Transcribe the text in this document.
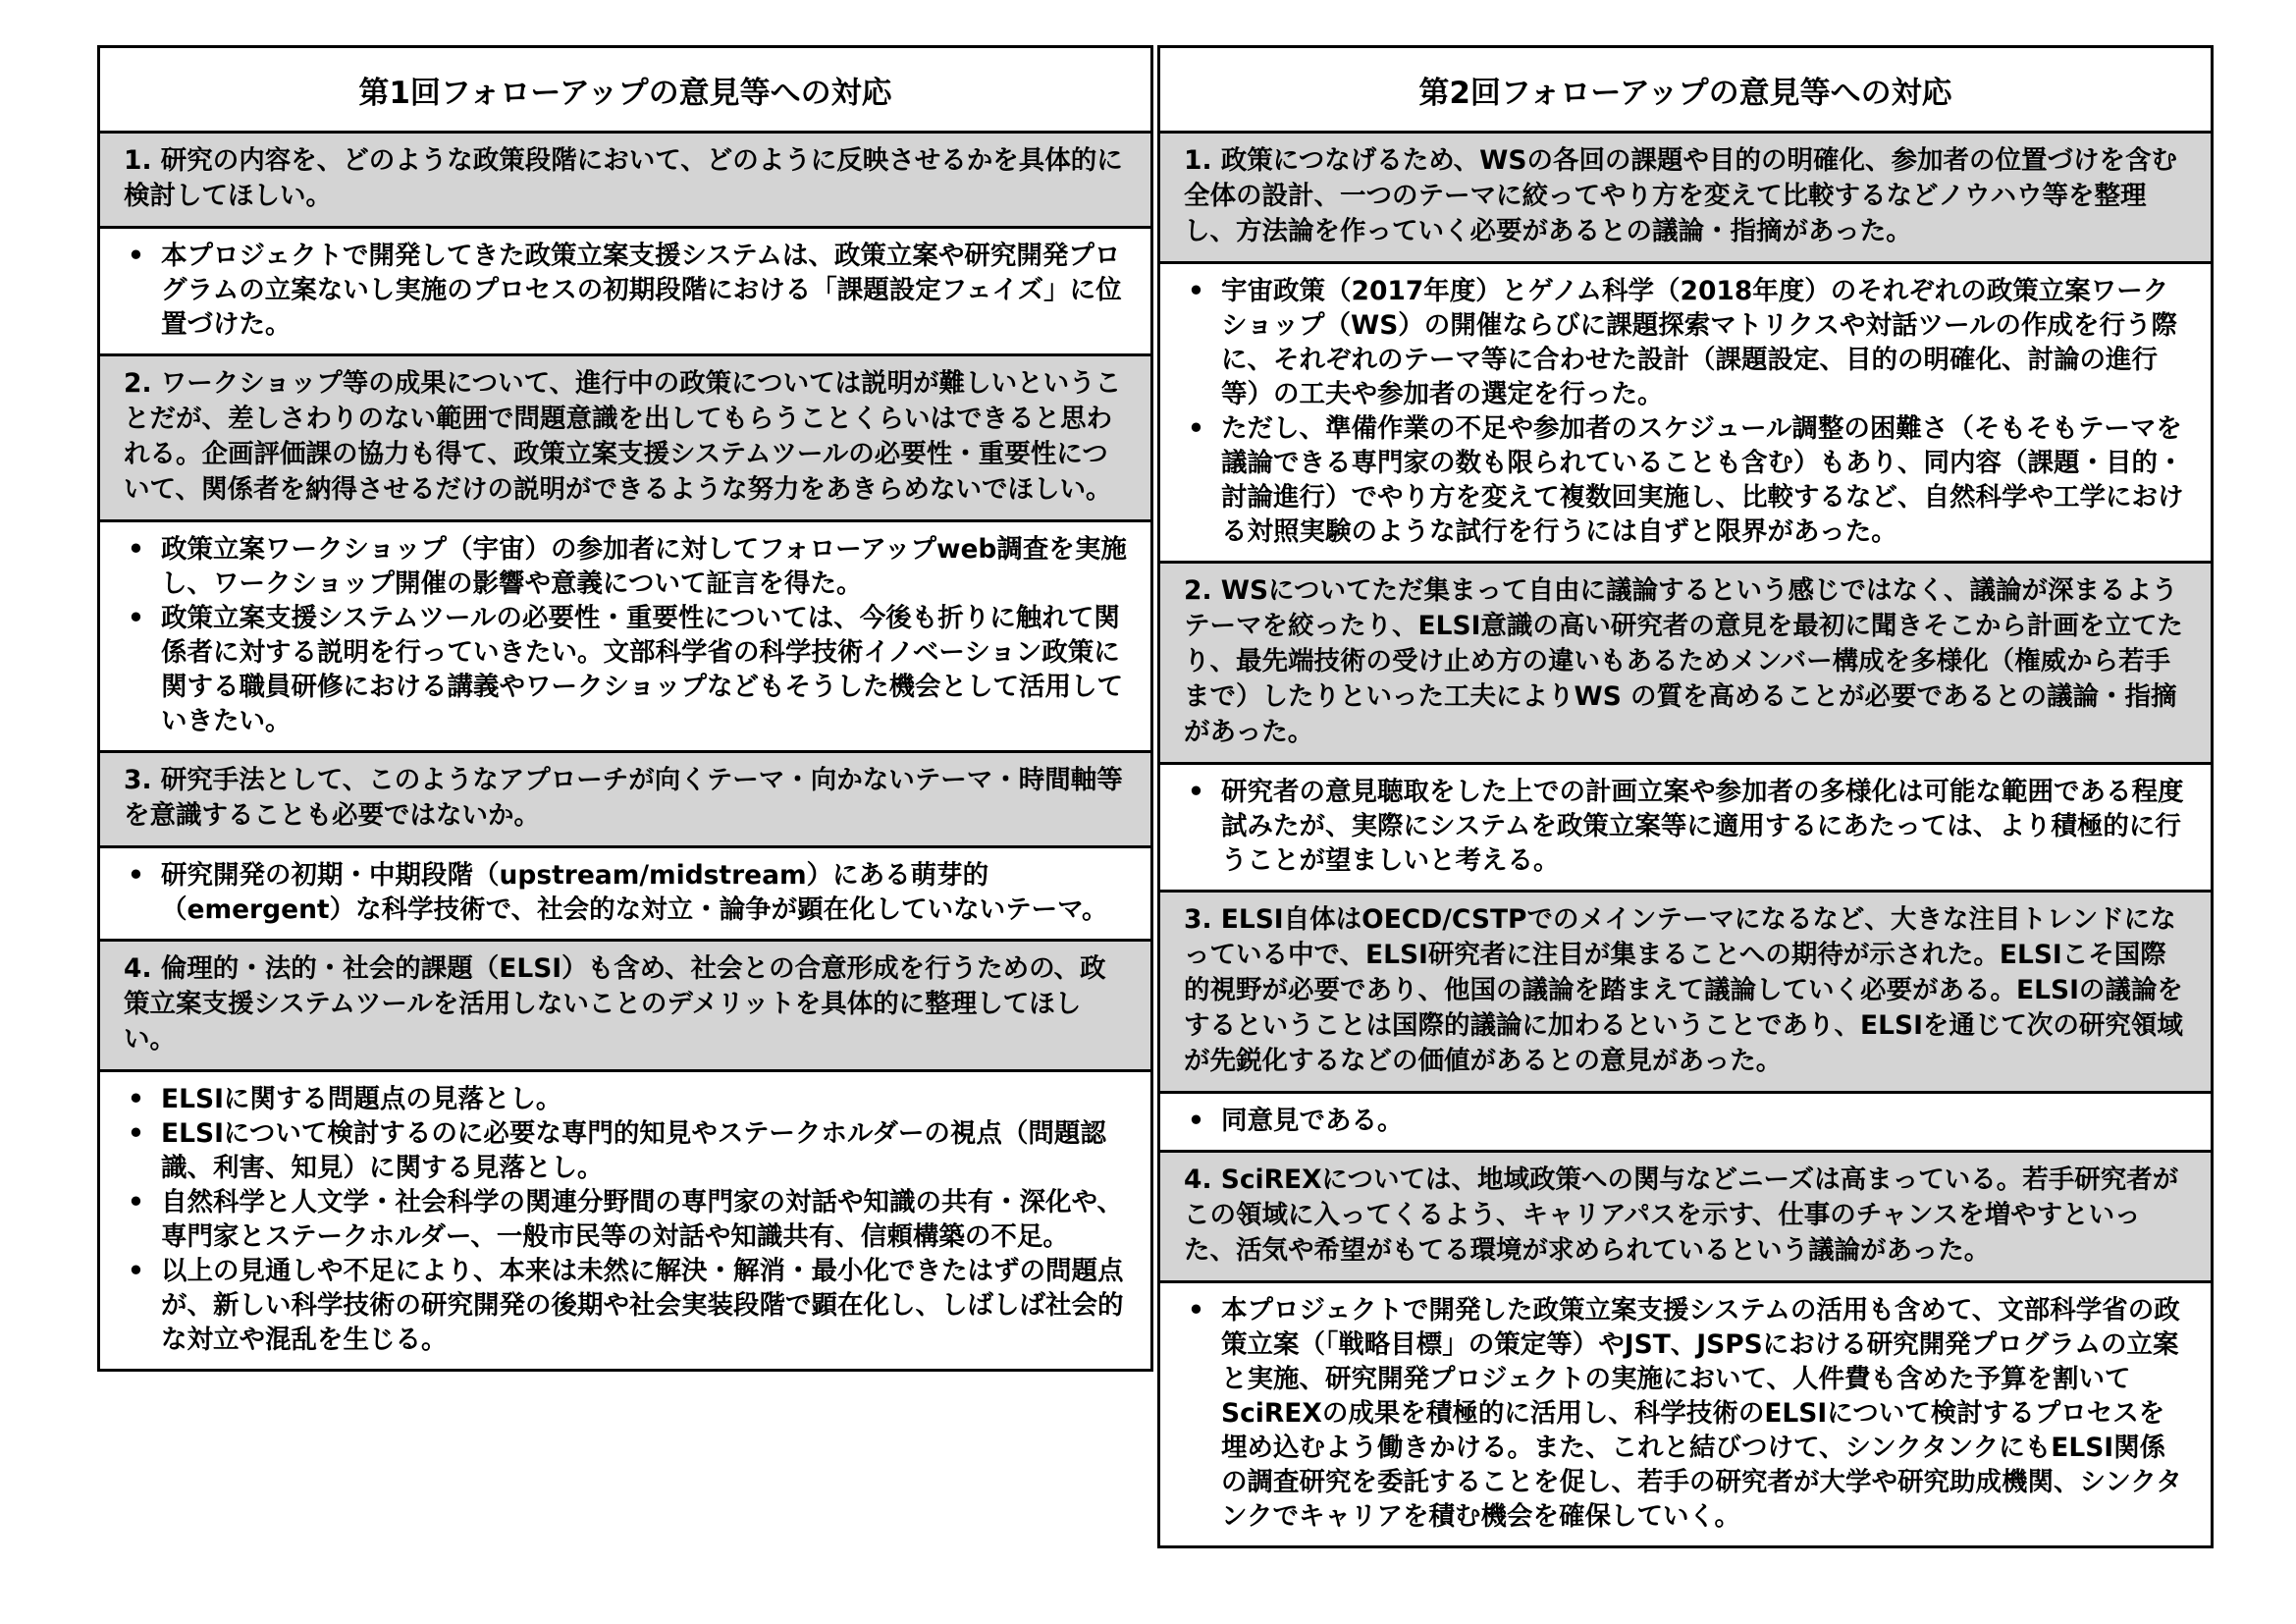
第1回フォローアップの意見等への対応

1. 研究の内容を、どのような政策段階において、どのように反映させるかを具体的に検討してほしい。

• 本プロジェクトで開発してきた政策立案支援システムは、政策立案や研究開発プログラムの立案ないし実施のプロセスの初期段階における「課題設定フェイズ」に位置づけた。

2. ワークショップ等の成果について、進行中の政策については説明が難しいということだが、差しさわりのない範囲で問題意識を出してもらうことくらいはできると思われる。企画評価課の協力も得て、政策立案支援システムツールの必要性・重要性について、関係者を納得させるだけの説明ができるような努力をあきらめないでほしい。

• 政策立案ワークショップ（宇宙）の参加者に対してフォローアップweb調査を実施し、ワークショップ開催の影響や意義について証言を得た。
• 政策立案支援システムツールの必要性・重要性については、今後も折りに触れて関係者に対する説明を行っていきたい。文部科学省の科学技術イノベーション政策に関する職員研修における講義やワークショップなどもそうした機会として活用していきたい。

3. 研究手法として、このようなアプローチが向くテーマ・向かないテーマ・時間軸等を意識することも必要ではないか。

• 研究開発の初期・中期段階（upstream/midstream）にある萌芽的（emergent）な科学技術で、社会的な対立・論争が顕在化していないテーマ。

4. 倫理的・法的・社会的課題（ELSI）も含め、社会との合意形成を行うための、政策立案支援システムツールを活用しないことのデメリットを具体的に整理してほしい。

• ELSIに関する問題点の見落とし。
• ELSIについて検討するのに必要な専門的知見やステークホルダーの視点（問題認識、利害、知見）に関する見落とし。
• 自然科学と人文学・社会科学の関連分野間の専門家の対話や知識の共有・深化や、専門家とステークホルダー、一般市民等の対話や知識共有、信頼構築の不足。
• 以上の見通しや不足により、本来は未然に解決・解消・最小化できたはずの問題点が、新しい科学技術の研究開発の後期や社会実装段階で顕在化し、しばしば社会的な対立や混乱を生じる。
第2回フォローアップの意見等への対応

1. 政策につなげるため、WSの各回の課題や目的の明確化、参加者の位置づけを含む全体の設計、一つのテーマに絞ってやり方を変えて比較するなどノウハウ等を整理し、方法論を作っていく必要があるとの議論・指摘があった。

• 宇宙政策（2017年度）とゲノム科学（2018年度）のそれぞれの政策立案ワークショップ（WS）の開催ならびに課題探索マトリクスや対話ツールの作成を行う際に、それぞれのテーマ等に合わせた設計（課題設定、目的の明確化、討論の進行等）の工夫や参加者の選定を行った。
• ただし、準備作業の不足や参加者のスケジュール調整の困難さ（そもそもテーマを議論できる専門家の数も限られていることも含む）もあり、同内容（課題・目的・討論進行）でやり方を変えて複数回実施し、比較するなど、自然科学や工学における対照実験のような試行を行うには自ずと限界があった。

2. WSについてただ集まって自由に議論するという感じではなく、議論が深まるようテーマを絞ったり、ELSI意識の高い研究者の意見を最初に聞きそこから計画を立てたり、最先端技術の受け止め方の違いもあるためメンバー構成を多様化（権威から若手まで）したりといった工夫によりWS の質を高めることが必要であるとの議論・指摘があった。

• 研究者の意見聴取をした上での計画立案や参加者の多様化は可能な範囲である程度試みたが、実際にシステムを政策立案等に適用するにあたっては、より積極的に行うことが望ましいと考える。

3. ELSI自体はOECD/CSTPでのメインテーマになるなど、大きな注目トレンドになっている中で、ELSI研究者に注目が集まることへの期待が示された。ELSIこそ国際的視野が必要であり、他国の議論を踏まえて議論していく必要がある。ELSIの議論をするということは国際的議論に加わるということであり、ELSIを通じて次の研究領域が先鋭化するなどの価値があるとの意見があった。

• 同意見である。

4. SciREXについては、地域政策への関与などニーズは高まっている。若手研究者がこの領域に入ってくるよう、キャリアパスを示す、仕事のチャンスを増やすといった、活気や希望がもてる環境が求められているという議論があった。

• 本プロジェクトで開発した政策立案支援システムの活用も含めて、文部科学省の政策立案（「戦略目標」の策定等）やJST、JSPSにおける研究開発プログラムの立案と実施、研究開発プロジェクトの実施において、人件費も含めた予算を割いてSciREXの成果を積極的に活用し、科学技術のELSIについて検討するプロセスを埋め込むよう働きかける。また、これと結びつけて、シンクタンクにもELSI関係の調査研究を委託することを促し、若手の研究者が大学や研究助成機関、シンクタンクでキャリアを積む機会を確保していく。
